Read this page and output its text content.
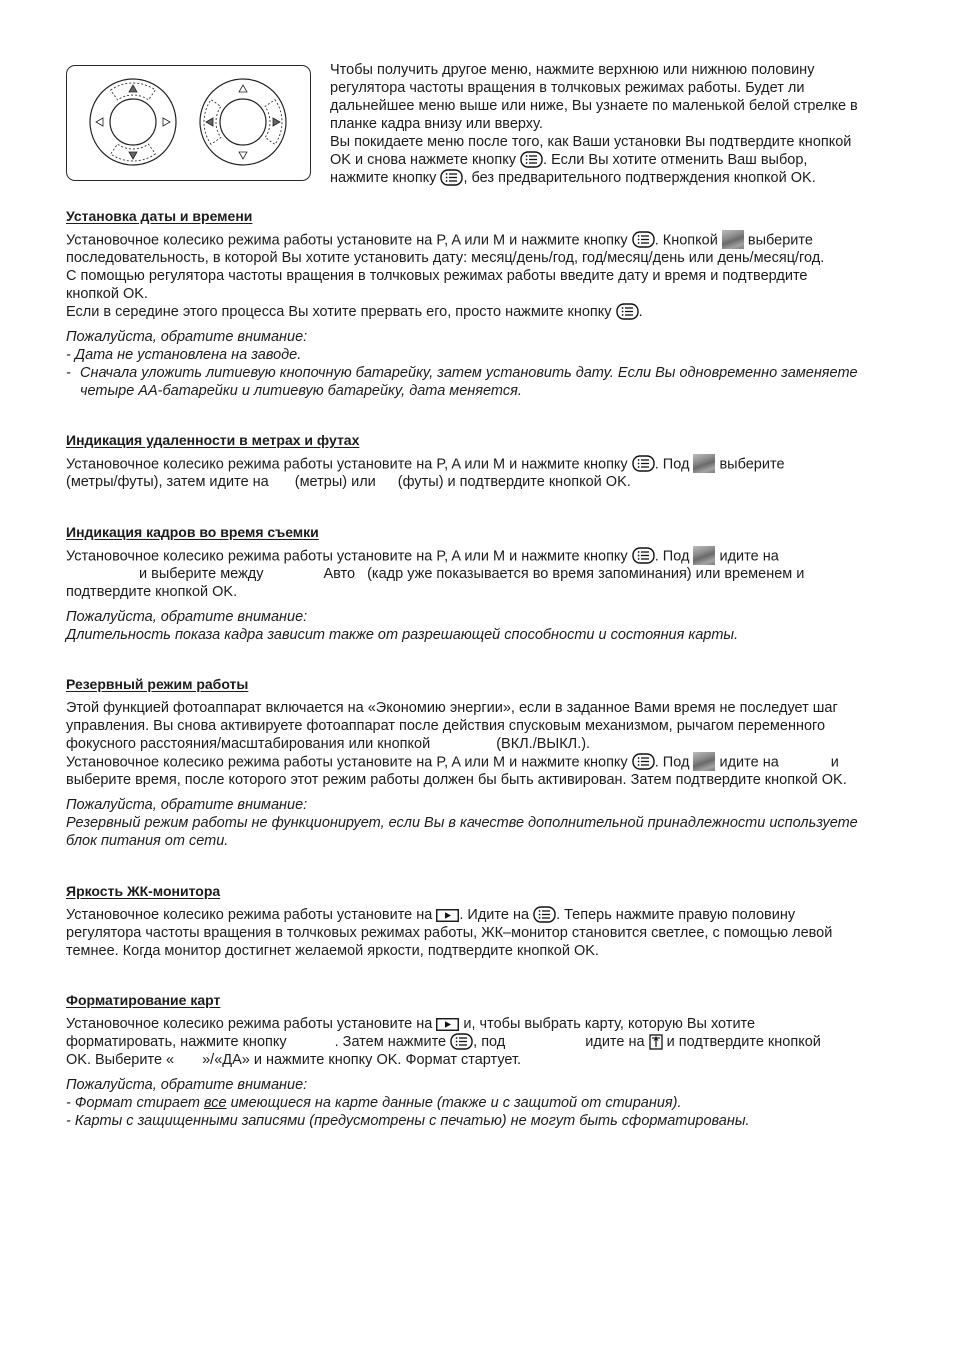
Чтобы получить другое меню, нажмите верхнюю или нижнюю половину
регулятора частоты вращения в толчковых режимах работы. Будет ли
дальнейшее меню выше или ниже, Вы узнаете по маленькой белой стрелке в
планке кадра внизу или вверху.
Вы покидаете меню после того, как Ваши установки Вы подтвердите кнопкой
OK и снова нажмете кнопку . Если Вы хотите отменить Ваш выбор,
нажмите кнопку , без предварительного подтверждения кнопкой OK.
Установка даты и времени
Установочное колесико режима работы установите на P, A или M и нажмите кнопку . Кнопкой  выберите
последовательность, в которой Вы хотите установить дату: месяц/день/год, год/месяц/день или день/месяц/год.
С помощью регулятора частоты вращения в толчковых режимах работы введите дату и время и подтвердите
кнопкой OK.
Если в середине этого процесса Вы хотите прервать его, просто нажмите кнопку .
Пожалуйста, обратите внимание:
- Дата не установлена на заводе.
- Сначала уложить литиевую кнопочную батарейку, затем установить дату. Если Вы одновременно заменяете
четыре AA-батарейки и литиевую батарейку, дата меняется.
Индикация удаленности в метрах и футах
Установочное колесико режима работы установите на P, A или M и нажмите кнопку . Под  выберите
(метры/футы), затем идите на (метры) или (футы) и подтвердите кнопкой OK.
Индикация кадров во время съемки
Установочное колесико режима работы установите на P, A или M и нажмите кнопку . Под  идите на
и выберите между	Авто (кадр уже показывается во время запоминания) или временем и
подтвердите кнопкой OK.
Пожалуйста, обратите внимание:
Длительность показа кадра зависит также от разрешающей способности и состояния карты.
Резервный режим работы
Этой функцией фотоаппарат включается на «Экономию энергии», если в заданное Вами время не последует шаг
управления. Вы снова активируете фотоаппарат после действия спусковым механизмом, рычагом переменного
фокусного расстояния/масштабирования или кнопкой	(ВКЛ./ВЫКЛ.).
Установочное колесико режима работы установите на P, A или M и нажмите кнопку . Под  идите на	и
выберите время, после которого этот режим работы должен бы быть активирован. Затем подтвердите кнопкой OK.
Пожалуйста, обратите внимание:
Резервный режим работы не функционирует, если Вы в качестве дополнительной принадлежности используете
блок питания от сети.
Яркость ЖК-монитора
Установочное колесико режима работы установите на . Идите на . Теперь нажмите правую половину
регулятора частоты вращения в толчковых режимах работы, ЖК–монитор становится светлее, с помощью левой
темнее. Когда монитор достигнет желаемой яркости, подтвердите кнопкой OK.
Форматирование карт
Установочное колесико режима работы установите на  и, чтобы выбрать карту, которую Вы хотите
форматировать, нажмите кнопку	. Затем нажмите , под	идите на  и подтвердите кнопкой
OK. Выберите « »/«ДА» и нажмите кнопку OK. Формат стартует.
Пожалуйста, обратите внимание:
- Формат стирает все имеющиеся на карте данные (также и с защитой от стирания).
- Карты с защищенными записями (предусмотрены с печатью) не могут быть сформатированы.
